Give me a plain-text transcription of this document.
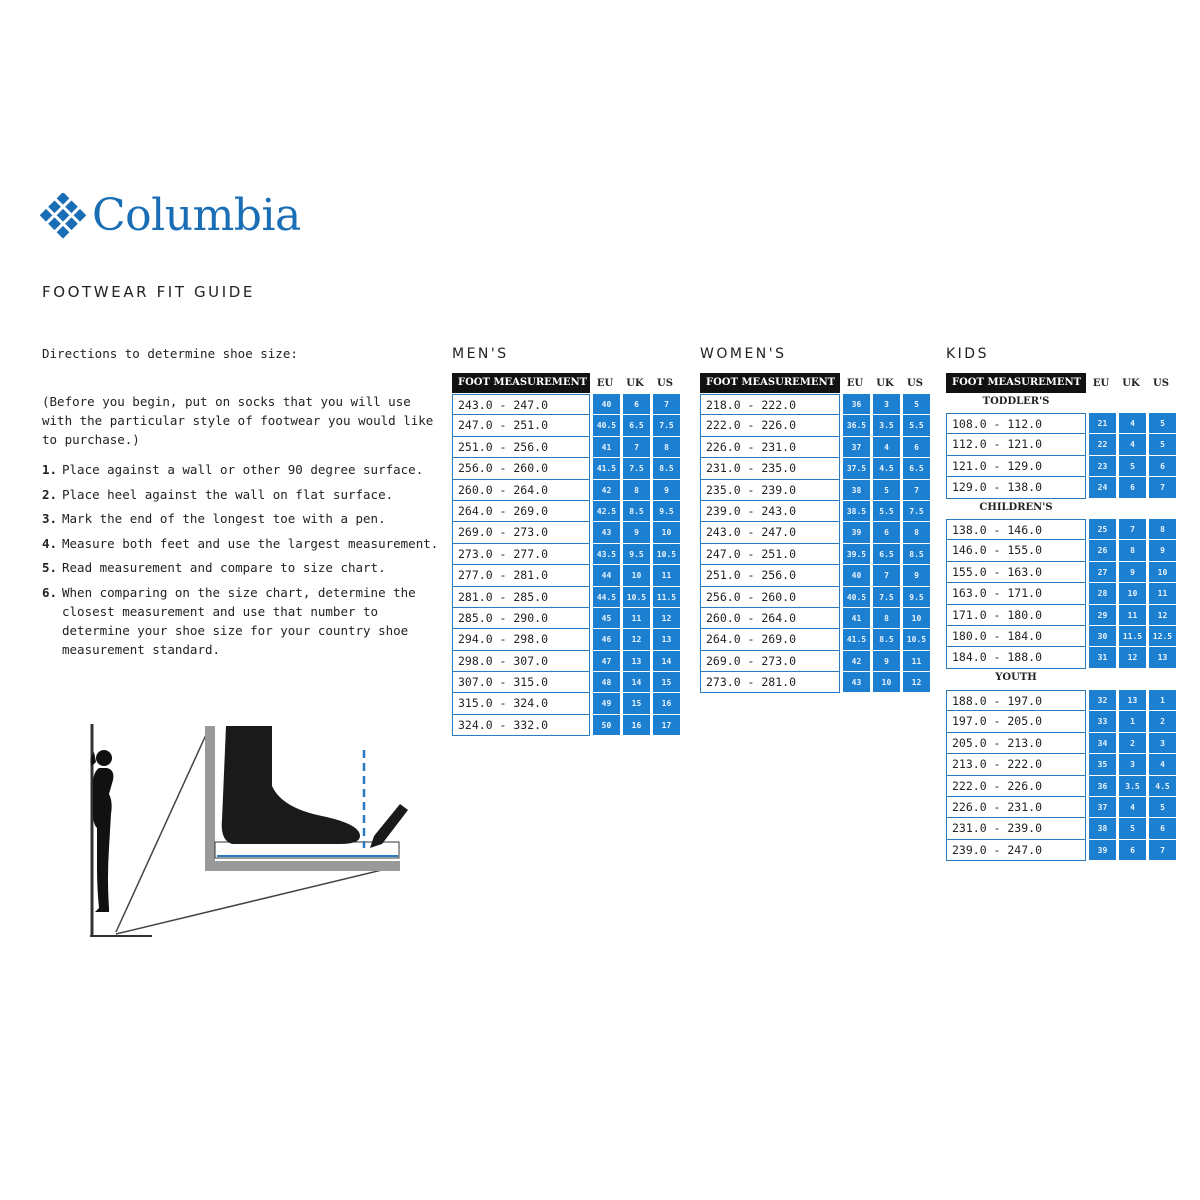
Columbia
FOOTWEAR FIT GUIDE
Directions to determine shoe size:
(Before you begin, put on socks that you will use with the particular style of footwear you would like to purchase.)
1. Place against a wall or other 90 degree surface.
2. Place heel against the wall on flat surface.
3. Mark the end of the longest toe with a pen.
4. Measure both feet and use the largest measurement.
5. Read measurement and compare to size chart.
6. When comparing on the size chart, determine the closest measurement and use that number to determine your shoe size for your country shoe measurement standard.
MEN'S
FOOT MEASUREMENT EU	UK	US
243.0 - 247.0	40	6	7
247.0 - 251.0	40.5	6.5	7.5
251.0 - 256.0	41	7	8
256.0 - 260.0	41.5	7.5	8.5
260.0 - 264.0	42	8	9
264.0 - 269.0	42.5	8.5	9.5
269.0 - 273.0	43	9	10
273.0 - 277.0	43.5	9.5	10.5
277.0 - 281.0	44	10	11
281.0 - 285.0	44.5	10.5	11.5
285.0 - 290.0	45	11	12
294.0 - 298.0	46	12	13
298.0 - 307.0	47	13	14
307.0 - 315.0	48	14	15
315.0 - 324.0	49	15	16
324.0 - 332.0	50	16	17
WOMEN'S
FOOT MEASUREMENT	EU	UK	US
218.0 - 222.0	36	3	5
222.0 - 226.0	36.5	3.5	5.5
226.0 - 231.0	37	4	6
231.0 - 235.0	37.5	4.5	6.5
235.0 - 239.0	38	5	7
239.0 - 243.0	38.5	5.5	7.5
243.0 - 247.0	39	6	8
247.0 - 251.0	39.5	6.5	8.5
251.0 - 256.0	40	7	9
256.0 - 260.0	40.5	7.5	9.5
260.0 - 264.0	41	8	10
264.0 - 269.0	41.5	8.5	10.5
269.0 - 273.0	42	9	11
273.0 - 281.0	43	10	12
KIDS
FOOT MEASUREMENT	EU	UK	US
TODDLER'S
108.0 - 112.0	21	4	5
112.0 - 121.0	22	4	5
121.0 - 129.0	23	5	6
129.0 - 138.0	24	6	7
CHILDREN'S
138.0 - 146.0	25	7	8
146.0 - 155.0	26	8	9
155.0 - 163.0	27	9	10
163.0 - 171.0	28	10	11
171.0 - 180.0	29	11	12
180.0 - 184.0	30	11.5	12.5
184.0 - 188.0	31	12	13
YOUTH
188.0 - 197.0	32	13	1
197.0 - 205.0	33	1	2
205.0 - 213.0	34	2	3
213.0 - 222.0	35	3	4
222.0 - 226.0	36	3.5	4.5
226.0 - 231.0	37	4	5
231.0 - 239.0	38	5	6
239.0 - 247.0	39	6	7
